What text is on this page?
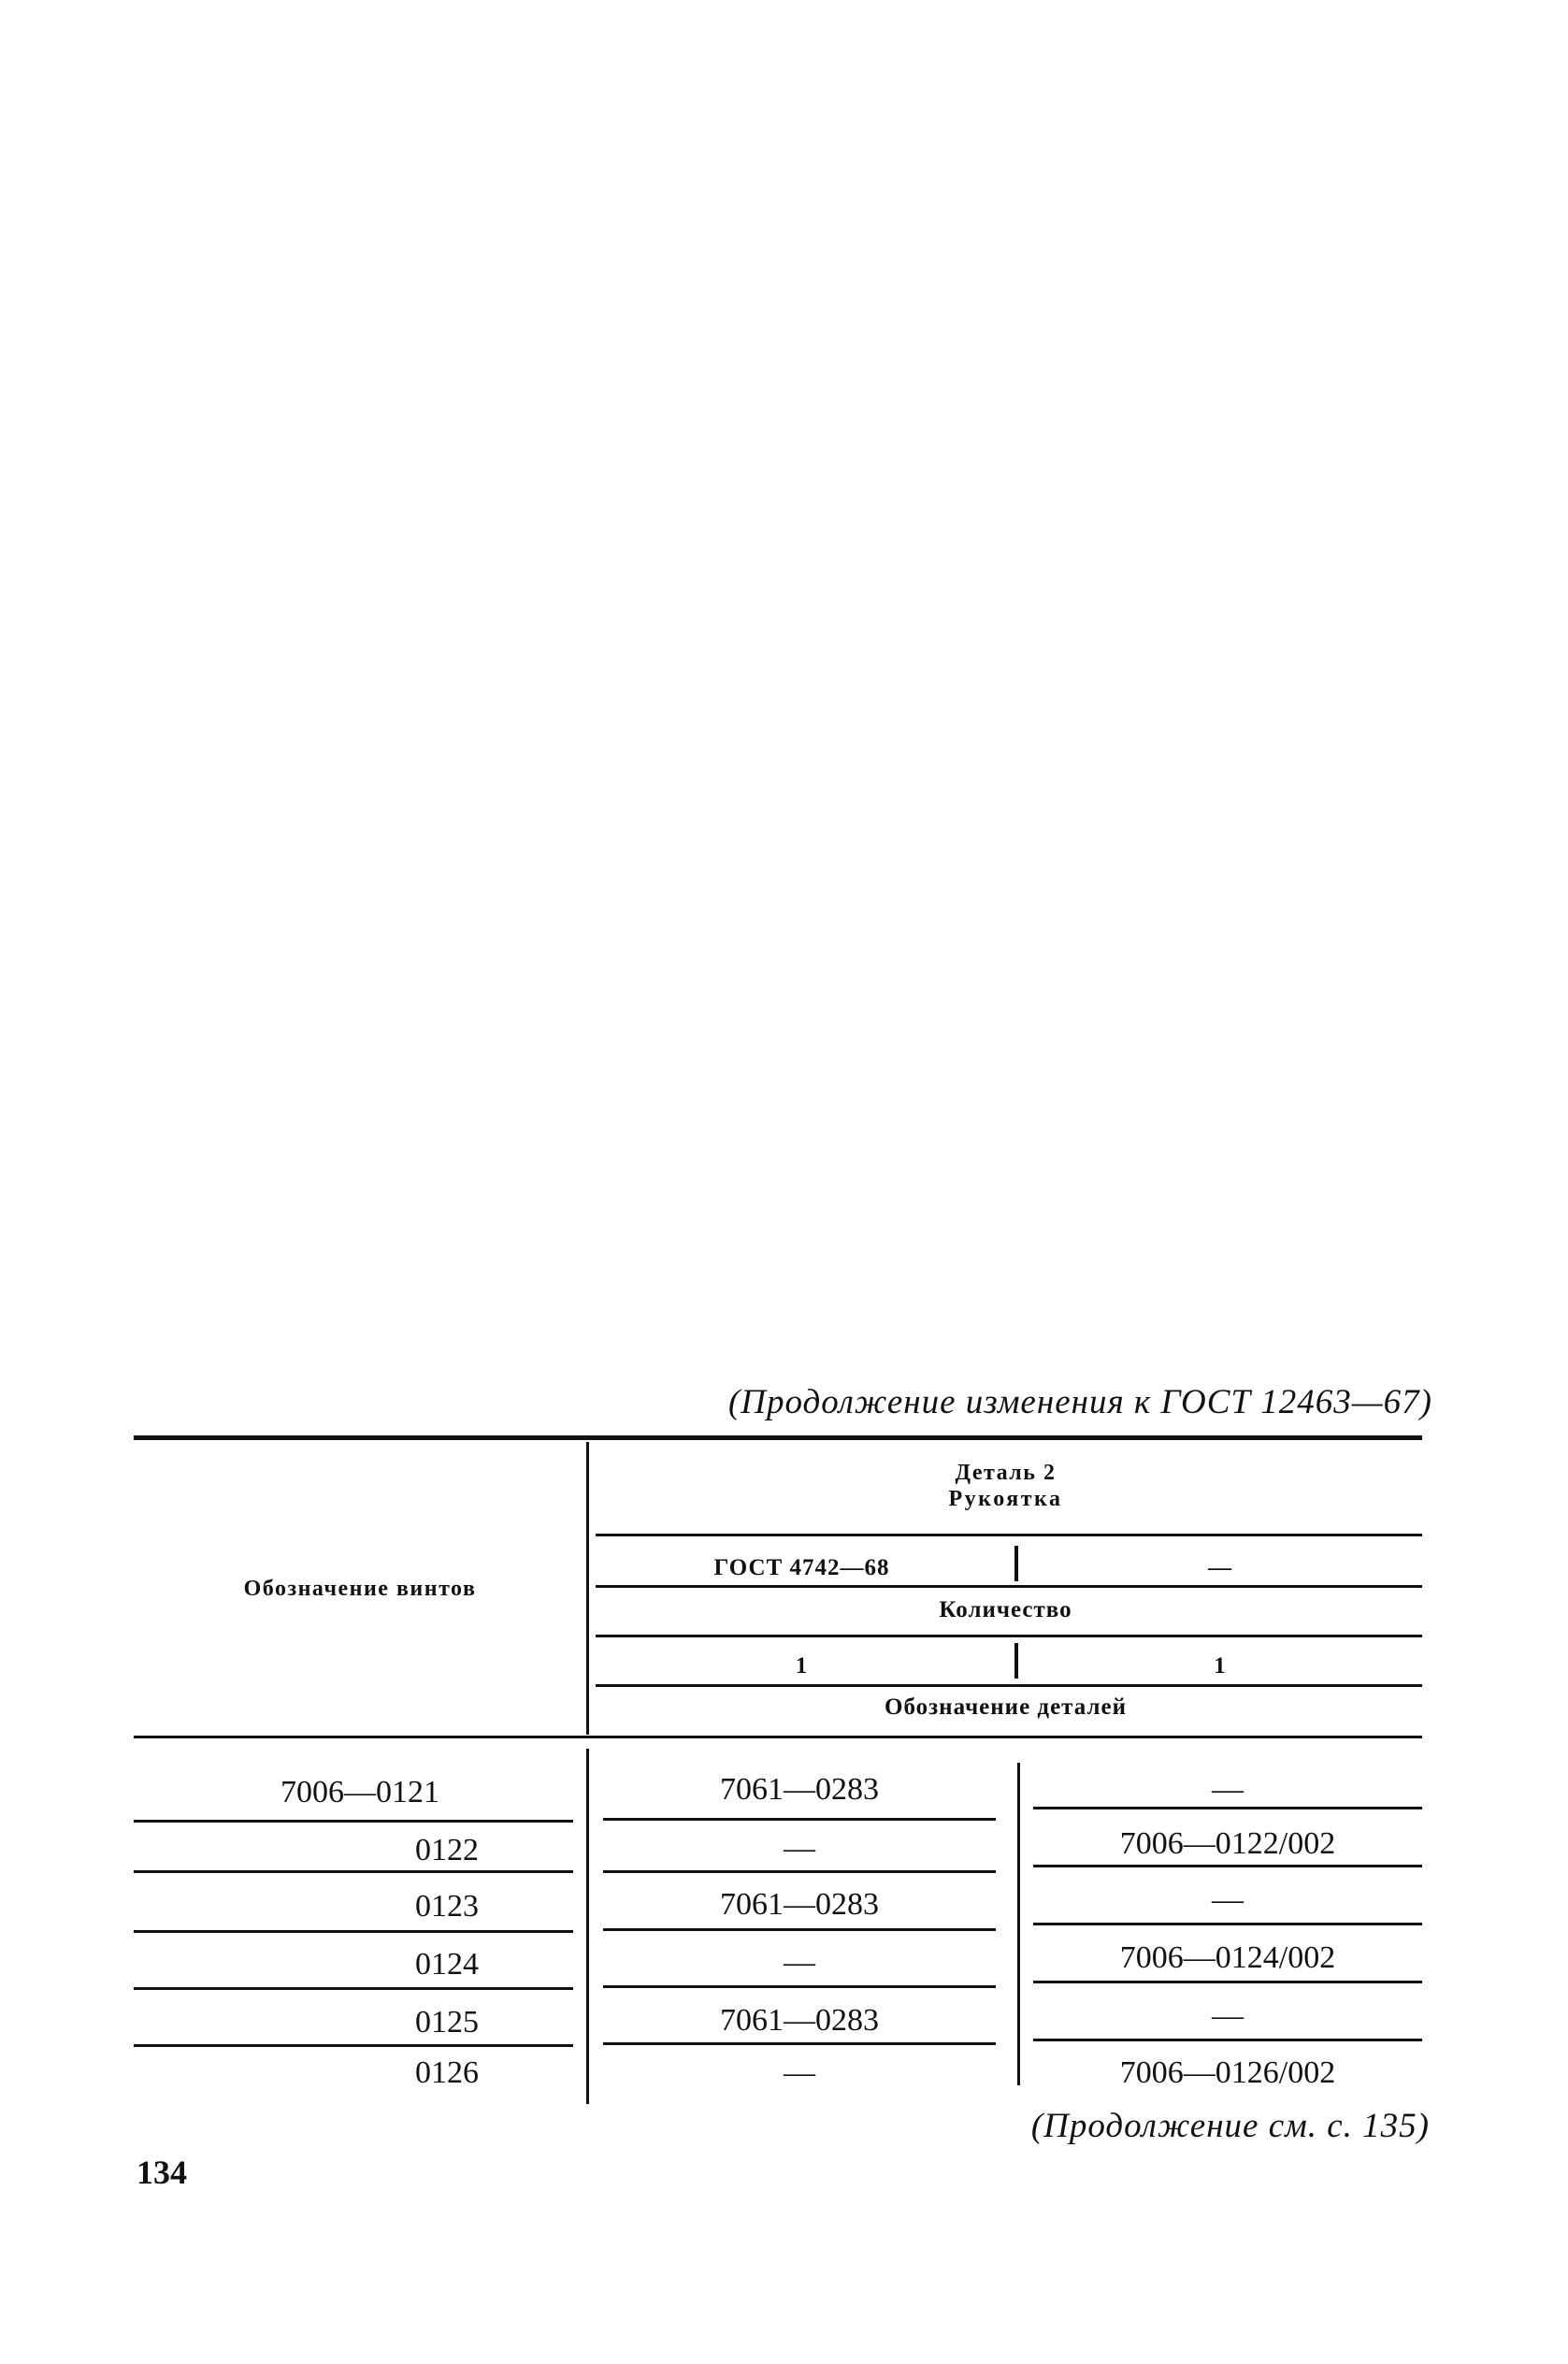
(Продолжение изменения к ГОСТ 12463—67)
Обозначение винтов
Деталь 2
Рукоятка
ГОСТ 4742—68	—
Количество
1	1
Обозначение деталей
7006—0121	7061—0283	—
0122	—	7006—0122/002
0123	7061—0283	—
0124	—	7006—0124/002
0125	7061—0283	—
0126	—	7006—0126/002
(Продолжение см. с. 135)
134
